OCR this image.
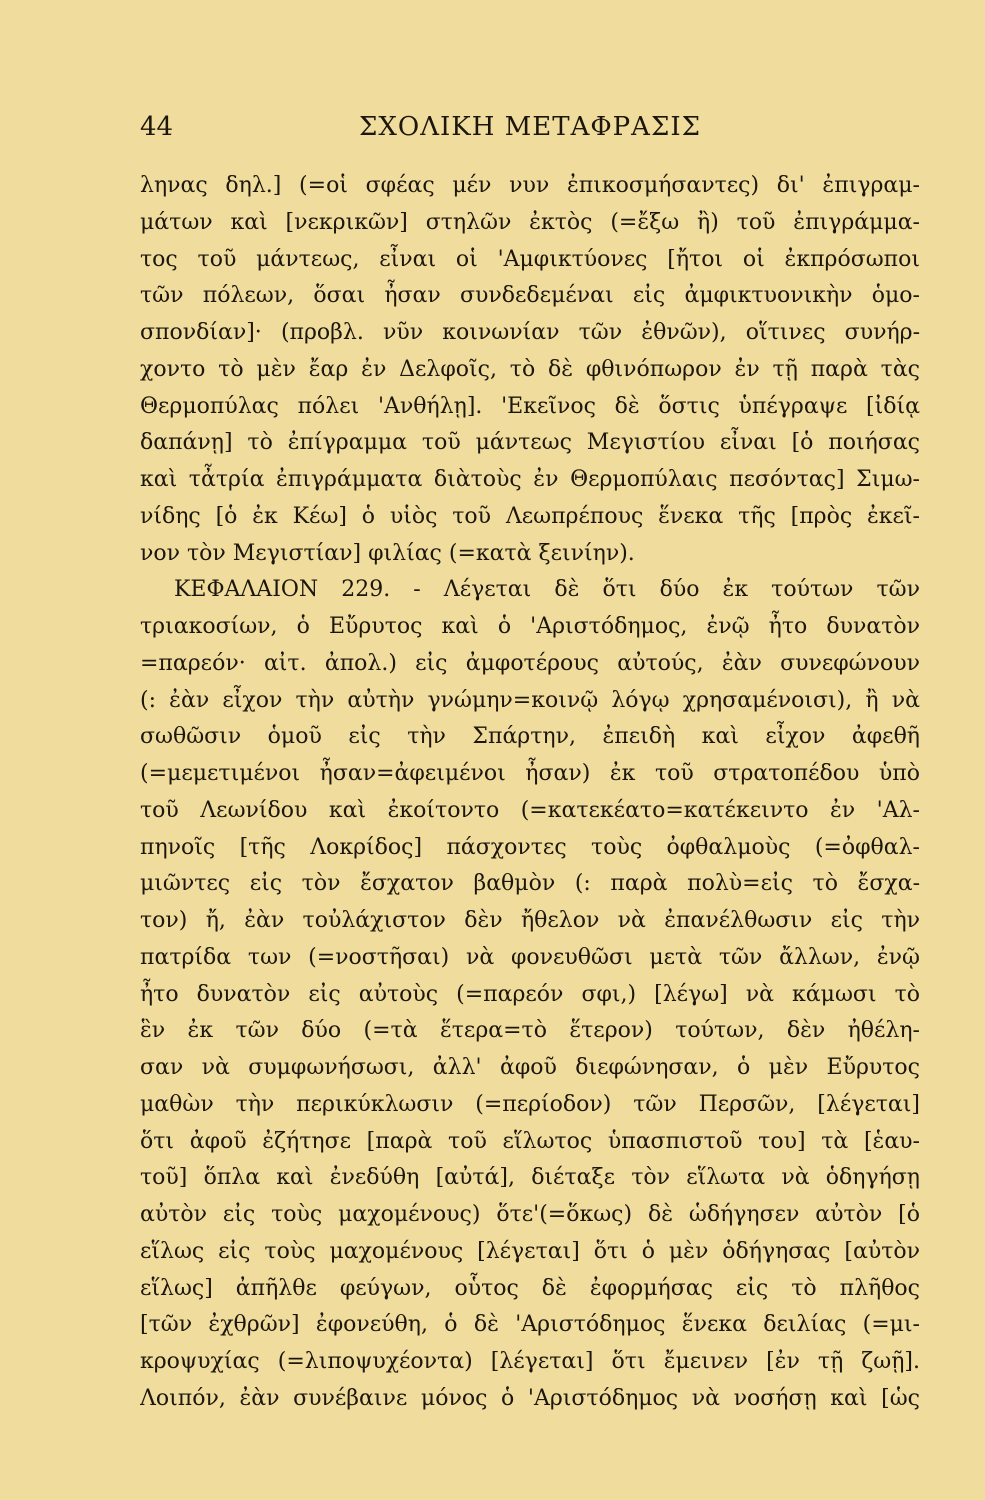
44	ΣΧΟΛΙΚΗ ΜΕΤΑΦΡΑΣΙΣ
ληνας δηλ.] (=οἱ σφέας μέν νυν ἐπικοσμήσαντες) δι' ἐπιγραμ-
μάτων καὶ [νεκρικῶν] στηλῶν ἐκτὸς (=ἔξω ἢ) τοῦ ἐπιγράμμα-
τος τοῦ μάντεως, εἶναι οἱ 'Αμφικτύονες [ἤτοι οἱ ἐκπρόσωποι
τῶν πόλεων, ὅσαι ἦσαν συνδεδεμέναι εἰς ἀμφικτυονικὴν ὁμο-
σπονδίαν]· (προβλ. νῦν κοινωνίαν τῶν ἐθνῶν), οἵτινες συνήρ-
χοντο τὸ μὲν ἔαρ ἐν Δελφοῖς, τὸ δὲ φθινόπωρον ἐν τῇ παρὰ τὰς
Θερμοπύλας πόλει 'Ανθήλῃ]. 'Εκεῖνος δὲ ὅστις ὑπέγραψε [ἰδίᾳ
δαπάνῃ] τὸ ἐπίγραμμα τοῦ μάντεως Μεγιστίου εἶναι [ὁ ποιήσας
καὶ τἆτρία ἐπιγράμματα διὰτοὺς ἐν Θερμοπύλαις πεσόντας] Σιμω-
νίδης [ὁ ἐκ Κέω] ὁ υἱὸς τοῦ Λεωπρέπους ἕνεκα τῆς [πρὸς ἐκεῖ-
νον τὸν Μεγιστίαν] φιλίας (=κατὰ ξεινίην).
ΚΕΦΑΛΑΙΟΝ 229. - Λέγεται δὲ ὅτι δύο ἐκ τούτων τῶν
τριακοσίων, ὁ Εὔρυτος καὶ ὁ 'Αριστόδημος, ἐνῷ ἦτο δυνατὸν
=παρεόν· αἰτ. ἀπολ.) εἰς ἀμφοτέρους αὐτούς, ἐὰν συνεφώνουν
(: ἐὰν εἶχον τὴν αὐτὴν γνώμην=κοινῷ λόγῳ χρησαμένοισι), ἢ νὰ
σωθῶσιν ὁμοῦ εἰς τὴν Σπάρτην, ἐπειδὴ καὶ εἶχον ἀφεθῆ
(=μεμετιμένοι ἦσαν=ἀφειμένοι ἦσαν) ἐκ τοῦ στρατοπέδου ὑπὸ
τοῦ Λεωνίδου καὶ ἐκοίτοντο (=κατεκέατο=κατέκειντο ἐν 'Αλ-
πηνοῖς [τῆς Λοκρίδος] πάσχοντες τοὺς ὀφθαλμοὺς (=ὀφθαλ-
μιῶντες εἰς τὸν ἔσχατον βαθμὸν (: παρὰ πολὺ=εἰς τὸ ἔσχα-
τον) ἤ, ἐὰν τοὐλάχιστον δὲν ἤθελον νὰ ἐπανέλθωσιν εἰς τὴν
πατρίδα των (=νοστῆσαι) νὰ φονευθῶσι μετὰ τῶν ἄλλων, ἐνῷ
ἦτο δυνατὸν εἰς αὐτοὺς (=παρεόν σφι,) [λέγω] νὰ κάμωσι τὸ
ἓν ἐκ τῶν δύο (=τὰ ἕτερα=τὸ ἕτερον) τούτων, δὲν ἠθέλη-
σαν νὰ συμφωνήσωσι, ἀλλ' ἀφοῦ διεφώνησαν, ὁ μὲν Εὔρυτος
μαθὼν τὴν περικύκλωσιν (=περίοδον) τῶν Περσῶν, [λέγεται]
ὅτι ἀφοῦ ἐζήτησε [παρὰ τοῦ εἵλωτος ὑπασπιστοῦ του] τὰ [ἑαυ-
τοῦ] ὅπλα καὶ ἐνεδύθη [αὐτά], διέταξε τὸν εἵλωτα νὰ ὁδηγήσῃ
αὐτὸν εἰς τοὺς μαχομένους) ὅτε'(=ὅκως) δὲ ὡδήγησεν αὐτὸν [ὁ
εἵλως εἰς τοὺς μαχομένους [λέγεται] ὅτι ὁ μὲν ὁδήγησας [αὐτὸν
εἵλως] ἀπῆλθε φεύγων, οὗτος δὲ ἐφορμήσας εἰς τὸ πλῆθος
[τῶν ἐχθρῶν] ἐφονεύθη, ὁ δὲ 'Αριστόδημος ἕνεκα δειλίας (=μι-
κροψυχίας (=λιποψυχέοντα) [λέγεται] ὅτι ἔμεινεν [ἐν τῇ ζωῇ].
Λοιπόν, ἐὰν συνέβαινε μόνος ὁ 'Αριστόδημος νὰ νοσήσῃ καὶ [ὡς
